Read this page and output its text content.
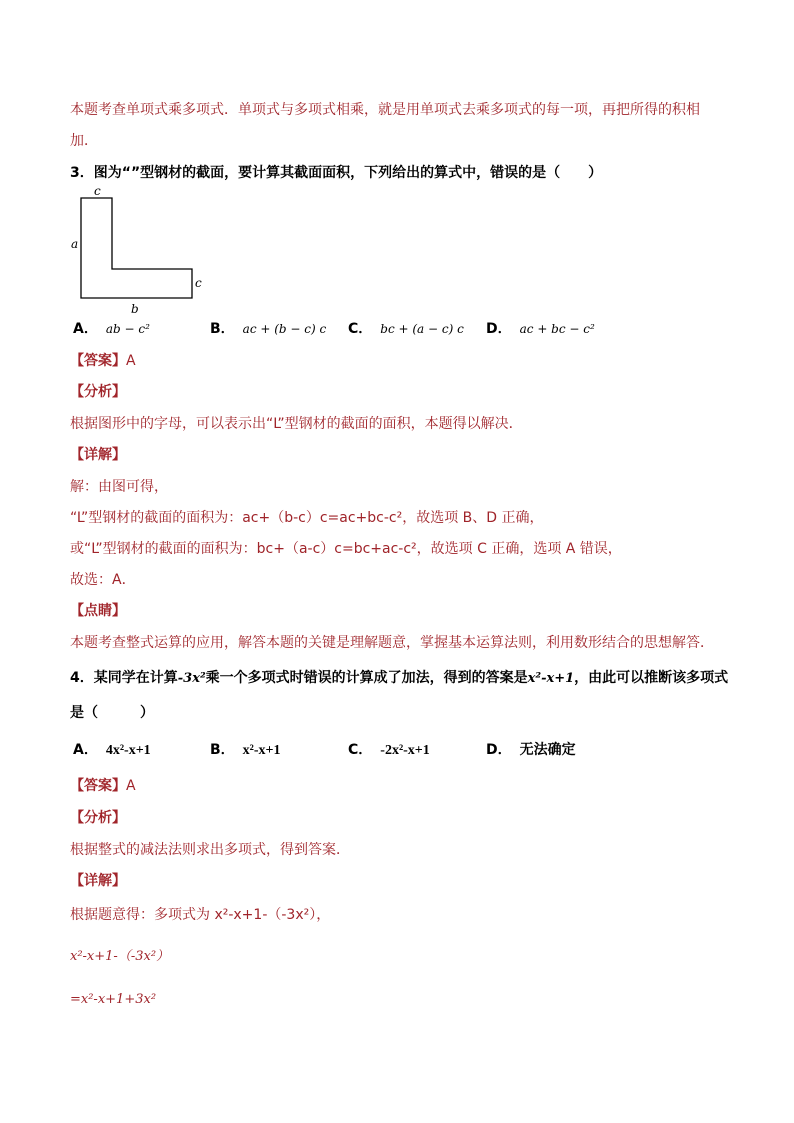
本题考查单项式乘多项式．单项式与多项式相乘，就是用单项式去乘多项式的每一项，再把所得的积相
加．
3．图为“”型钢材的截面，要计算其截面面积，下列给出的算式中，错误的是（　　）
c
a
c
b
A． ab − c²	B． ac + (b − c) c C． bc + (a − c) c D． ac + bc − c²
【答案】A
【分析】
根据图形中的字母，可以表示出“L”型钢材的截面的面积，本题得以解决．
【详解】
解：由图可得，
“L”型钢材的截面的面积为：ac+（b-c）c=ac+bc-c²，故选项 B、D 正确，
或“L”型钢材的截面的面积为：bc+（a-c）c=bc+ac-c²，故选项 C 正确，选项 A 错误，
故选：A．
【点睛】
本题考查整式运算的应用，解答本题的关键是理解题意，掌握基本运算法则，利用数形结合的思想解答．
4．某同学在计算-3x²乘一个多项式时错误的计算成了加法，得到的答案是x²-x+1，由此可以推断该多项式
是（　　　）
A． 4x²-x+1	B． x²-x+1	C． -2x²-x+1	D． 无法确定
【答案】A
【分析】
根据整式的减法法则求出多项式，得到答案．
【详解】
根据题意得：多项式为 x²-x+1-（-3x²），
x²-x+1-（-3x²）
=x²-x+1+3x²
